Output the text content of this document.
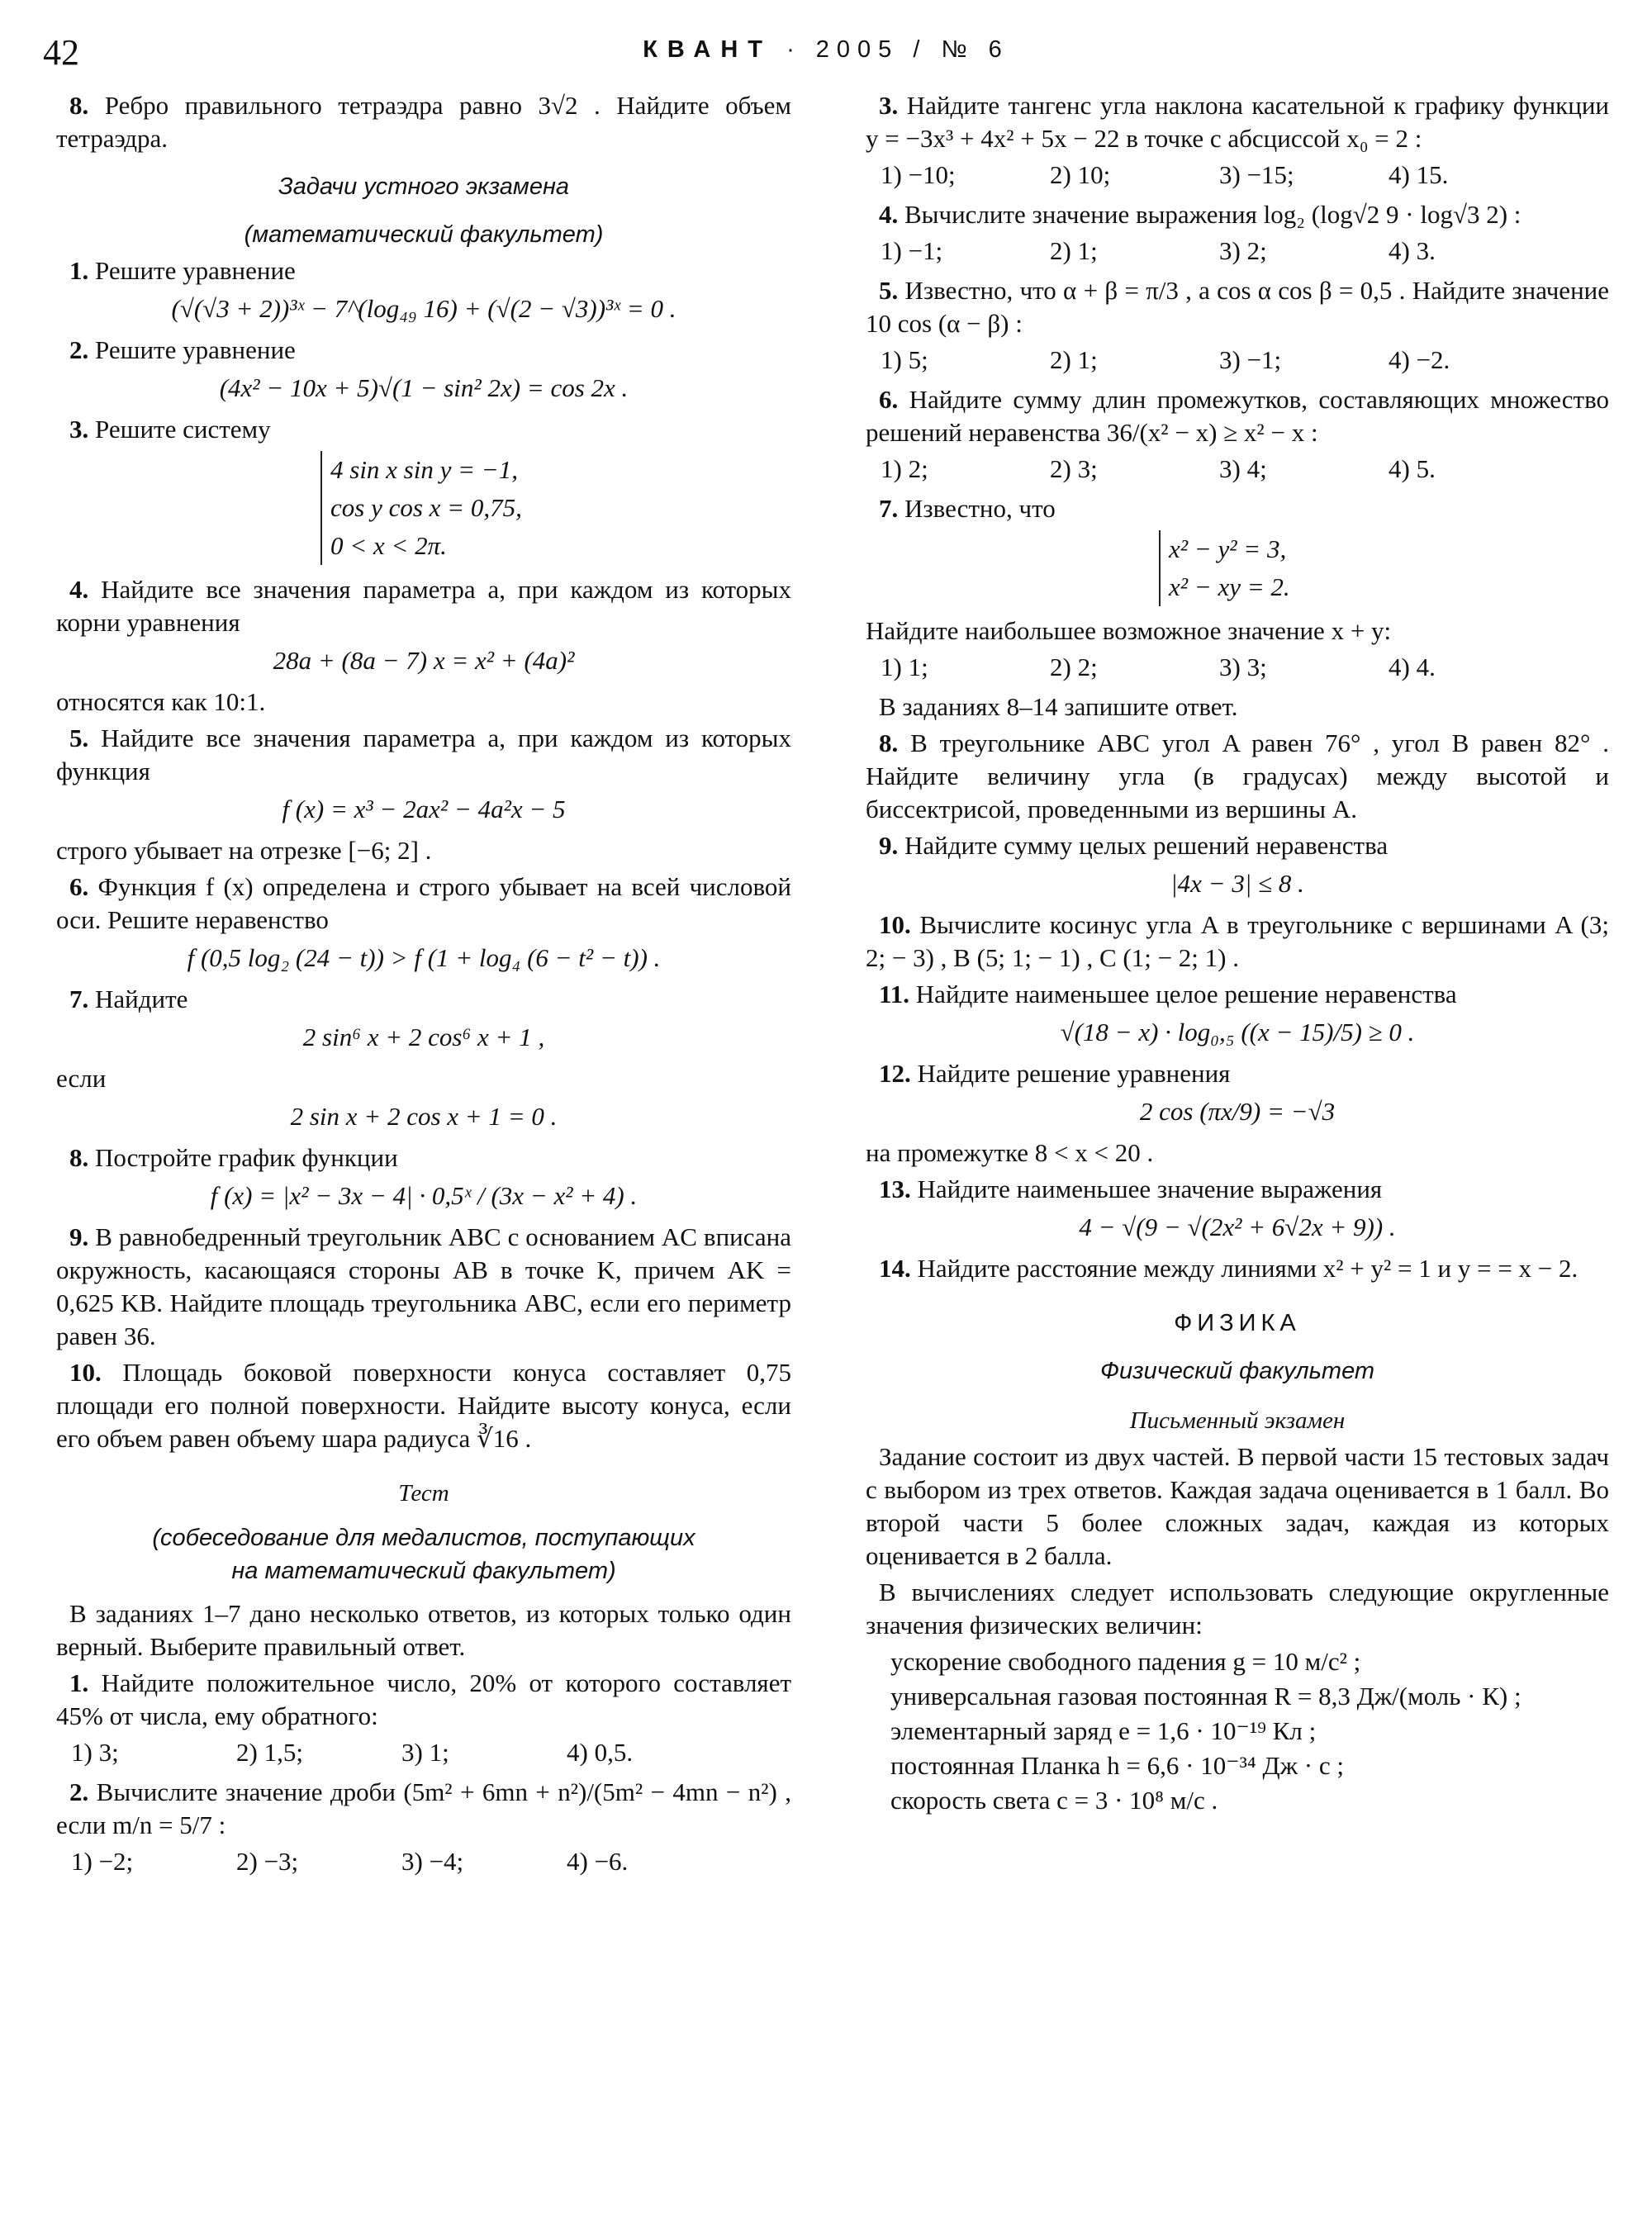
42	КВАНТ · 2005 / № 6

8. Ребро правильного тетраэдра равно 3√2 . Найдите объем тетраэдра.

Задачи устного экзамена
(математический факультет)

1. Решите уравнение

(√(√3 + 2))³ˣ − 7^(log₄₉ 16) + (√(2 − √3))³ˣ = 0 .

2. Решите уравнение

(4x² − 10x + 5)√(1 − sin² 2x) = cos 2x .

3. Решите систему

4 sin x sin y = −1,
cos y cos x = 0,75,
0 < x < 2π.

4. Найдите все значения параметра a, при каждом из которых корни уравнения

28a + (8a − 7) x = x² + (4a)²

относятся как 10:1.

5. Найдите все значения параметра a, при каждом из которых функция

f (x) = x³ − 2ax² − 4a²x − 5

строго убывает на отрезке [−6; 2] .

6. Функция f (x) определена и строго убывает на всей числовой оси. Решите неравенство

f (0,5 log₂ (24 − t)) > f (1 + log₄ (6 − t² − t)) .

7. Найдите

2 sin⁶ x + 2 cos⁶ x + 1 ,

если

2 sin x + 2 cos x + 1 = 0 .

8. Постройте график функции

f (x) = |x² − 3x − 4| · 0,5ˣ / (3x − x² + 4) .

9. В равнобедренный треугольник ABC с основанием AC вписана окружность, касающаяся стороны AB в точке K, причем AK = 0,625 KB. Найдите площадь треугольника ABC, если его периметр равен 36.

10. Площадь боковой поверхности конуса составляет 0,75 площади его полной поверхности. Найдите высоту конуса, если его объем равен объему шара радиуса ∛16 .

Тест
(собеседование для медалистов, поступающих
на математический факультет)

В заданиях 1–7 дано несколько ответов, из которых только один верный. Выберите правильный ответ.

1. Найдите положительное число, 20% от которого составляет 45% от числа, ему обратного:

1) 3;	2) 1,5;	3) 1;	4) 0,5.

2. Вычислите значение дроби (5m² + 6mn + n²)/(5m² − 4mn − n²) , если m/n = 5/7 :

1) −2;	2) −3;	3) −4;	4) −6.

3. Найдите тангенс угла наклона касательной к графику функции y = −3x³ + 4x² + 5x − 22 в точке с абсциссой x₀ = 2 :

1) −10;	2) 10;	3) −15;	4) 15.

4. Вычислите значение выражения log₂ (log√2 9 · log√3 2) :

1) −1;	2) 1;	3) 2;	4) 3.

5. Известно, что α + β = π/3 , а cos α cos β = 0,5 . Найдите значение 10 cos (α − β) :

1) 5;	2) 1;	3) −1;	4) −2.

6. Найдите сумму длин промежутков, составляющих множество решений неравенства 36/(x² − x) ≥ x² − x :

1) 2;	2) 3;	3) 4;	4) 5.

7. Известно, что

x² − y² = 3,
x² − xy = 2.

Найдите наибольшее возможное значение x + y:

1) 1;	2) 2;	3) 3;	4) 4.

В заданиях 8–14 запишите ответ.

8. В треугольнике ABC угол A равен 76° , угол B равен 82° . Найдите величину угла (в градусах) между высотой и биссектрисой, проведенными из вершины A.

9. Найдите сумму целых решений неравенства

|4x − 3| ≤ 8 .

10. Вычислите косинус угла A в треугольнике с вершинами A (3; 2; − 3) , B (5; 1; − 1) , C (1; − 2; 1) .

11. Найдите наименьшее целое решение неравенства

√(18 − x) · log₀,₅ ((x − 15)/5) ≥ 0 .

12. Найдите решение уравнения

2 cos (πx/9) = −√3

на промежутке 8 < x < 20 .

13. Найдите наименьшее значение выражения

4 − √(9 − √(2x² + 6√2x + 9)) .

14. Найдите расстояние между линиями x² + y² = 1 и y = = x − 2.

ФИЗИКА
Физический факультет
Письменный экзамен

Задание состоит из двух частей. В первой части 15 тестовых задач с выбором из трех ответов. Каждая задача оценивается в 1 балл. Во второй части 5 более сложных задач, каждая из которых оценивается в 2 балла.

В вычислениях следует использовать следующие округленные значения физических величин:

ускорение свободного падения g = 10 м/с² ;
универсальная газовая постоянная R = 8,3 Дж/(моль · К) ;
элементарный заряд e = 1,6 · 10⁻¹⁹ Кл ;
постоянная Планка h = 6,6 · 10⁻³⁴ Дж · с ;
скорость света c = 3 · 10⁸ м/с .
